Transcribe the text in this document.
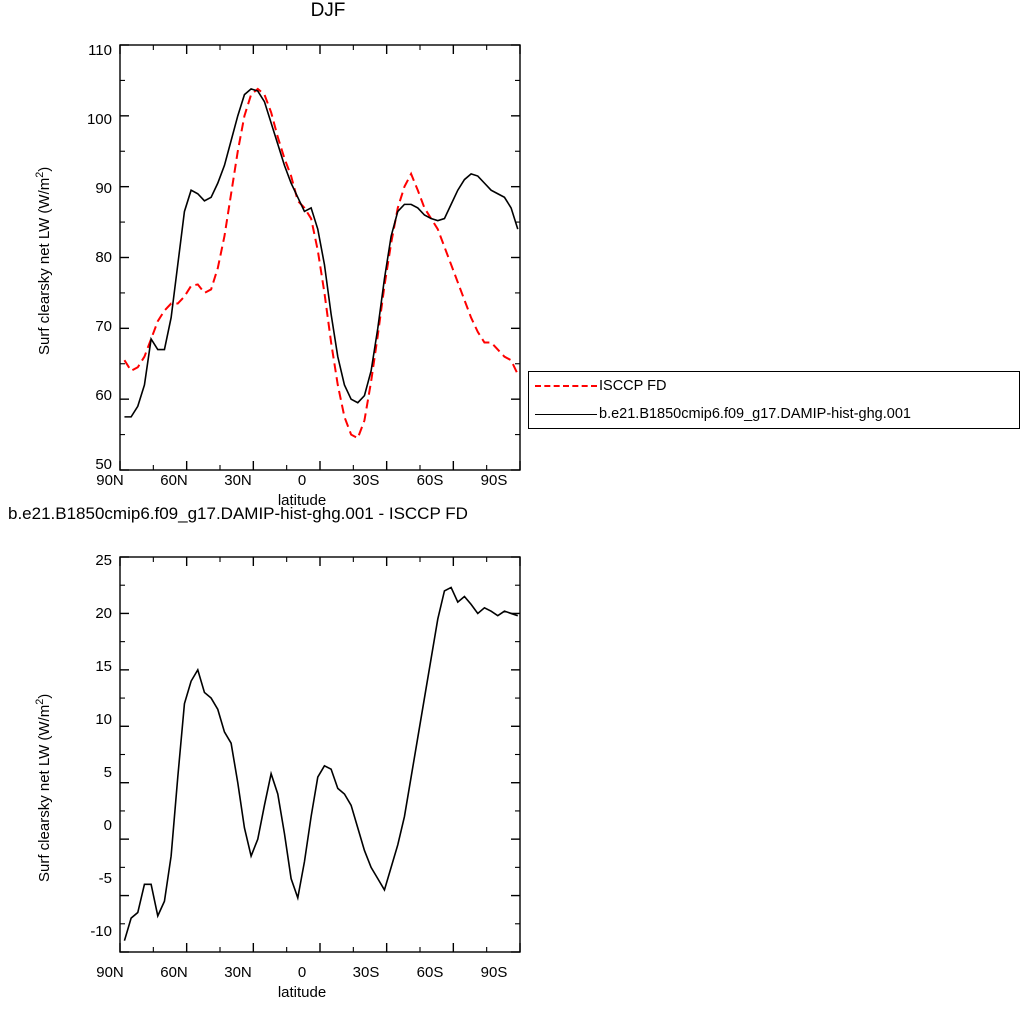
DJF
Surf clearsky net LW $(W/m^2)$
110
100
90
80
70
60
50
90N	60N	30N	0	30S	60S	90S
latitude
ISCCP FD
b.e21.B1850cmip6.f09_g17.DAMIP-hist-ghg.001
b.e21.B1850cmip6.f09_g17.DAMIP-hist-ghg.001 - ISCCP FD
Surf clearsky net LW $(W/m^2)$
25
20
15
10
5
0
-5
-10
90N	60N	30N	0	30S	60S	90S
latitude
